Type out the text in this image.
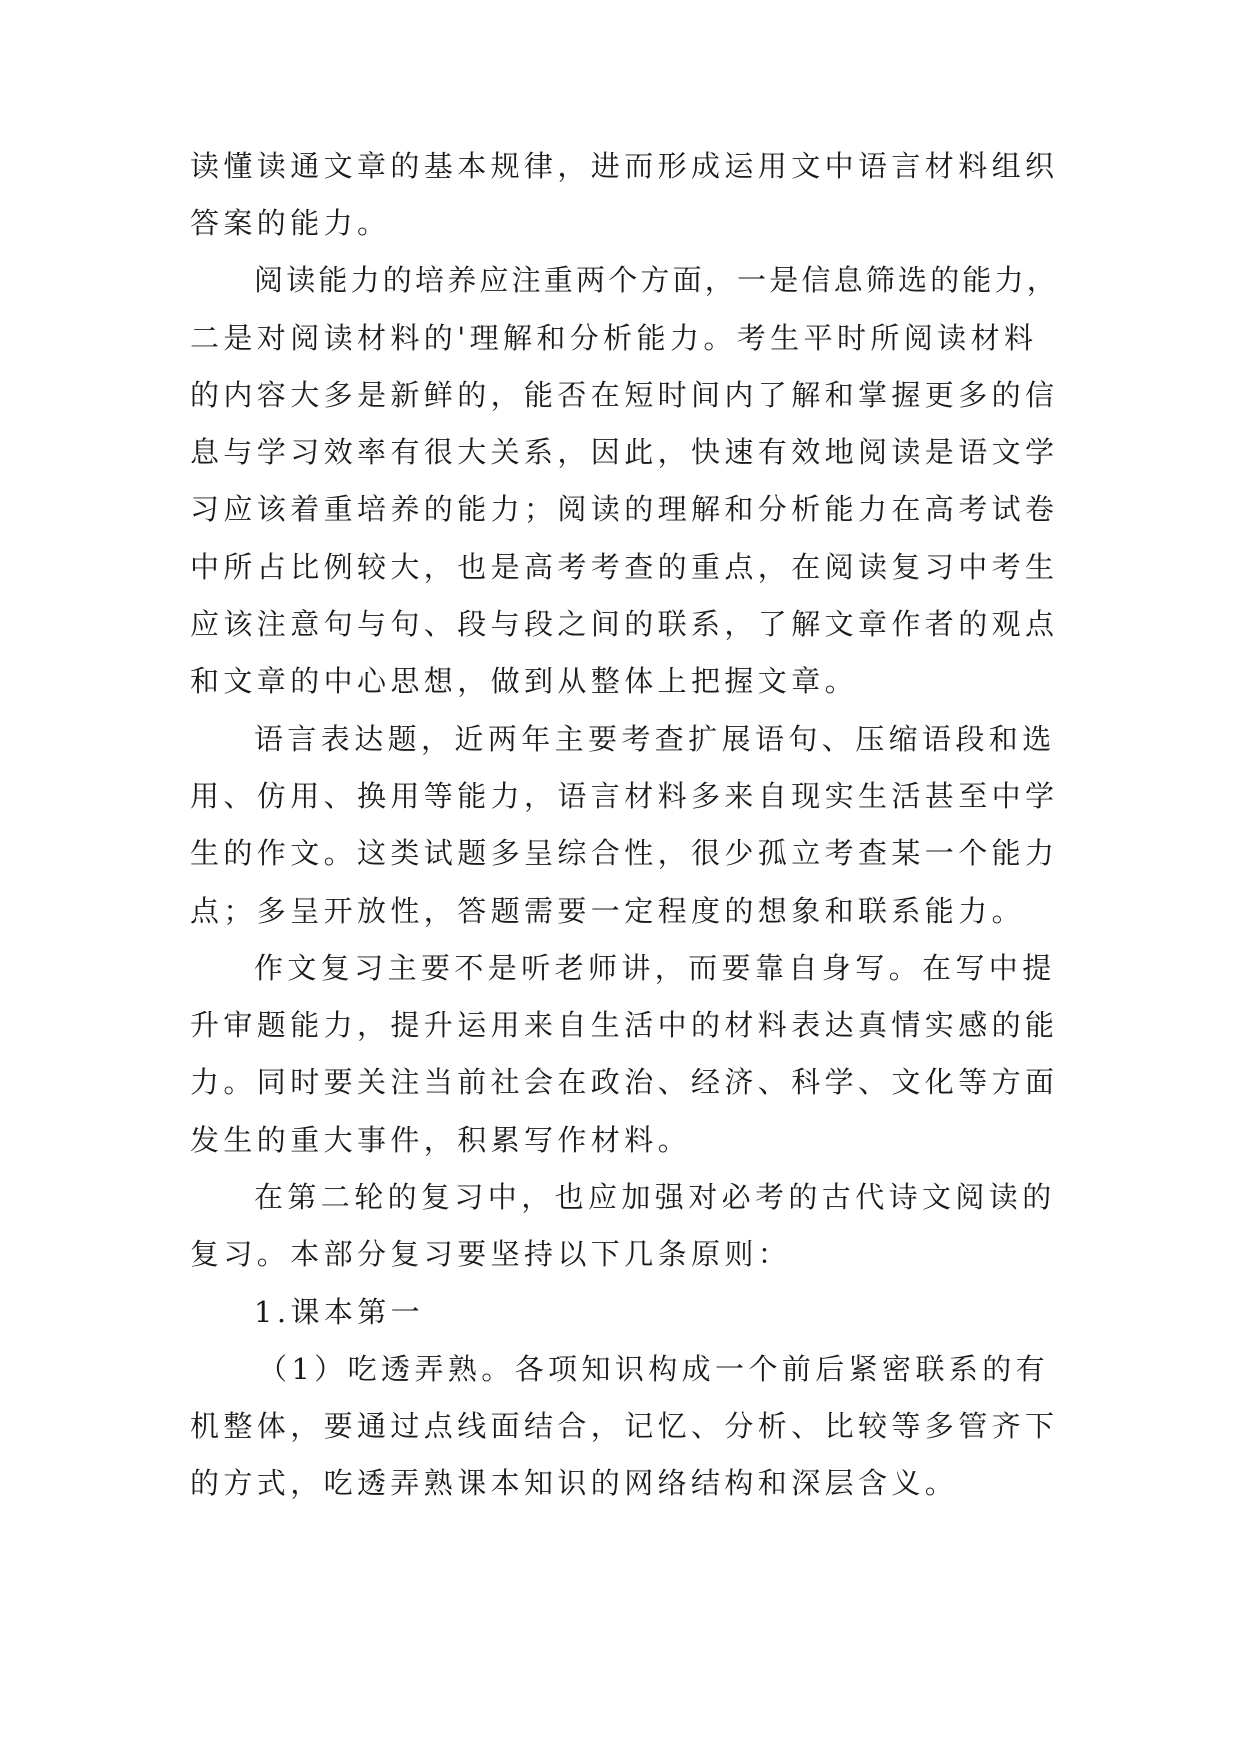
读懂读通文章的基本规律，进而形成运用文中语言材料组织
答案的能力。
阅读能力的培养应注重两个方面，一是信息筛选的能力，
二是对阅读材料的'理解和分析能力。考生平时所阅读材料
的内容大多是新鲜的，能否在短时间内了解和掌握更多的信
息与学习效率有很大关系，因此，快速有效地阅读是语文学
习应该着重培养的能力；阅读的理解和分析能力在高考试卷
中所占比例较大，也是高考考查的重点，在阅读复习中考生
应该注意句与句、段与段之间的联系，了解文章作者的观点
和文章的中心思想，做到从整体上把握文章。
语言表达题，近两年主要考查扩展语句、压缩语段和选
用、仿用、换用等能力，语言材料多来自现实生活甚至中学
生的作文。这类试题多呈综合性，很少孤立考查某一个能力
点；多呈开放性，答题需要一定程度的想象和联系能力。
作文复习主要不是听老师讲，而要靠自身写。在写中提
升审题能力，提升运用来自生活中的材料表达真情实感的能
力。同时要关注当前社会在政治、经济、科学、文化等方面
发生的重大事件，积累写作材料。
在第二轮的复习中，也应加强对必考的古代诗文阅读的
复习。本部分复习要坚持以下几条原则：
1.课本第一
（1）吃透弄熟。各项知识构成一个前后紧密联系的有
机整体，要通过点线面结合，记忆、分析、比较等多管齐下
的方式，吃透弄熟课本知识的网络结构和深层含义。
